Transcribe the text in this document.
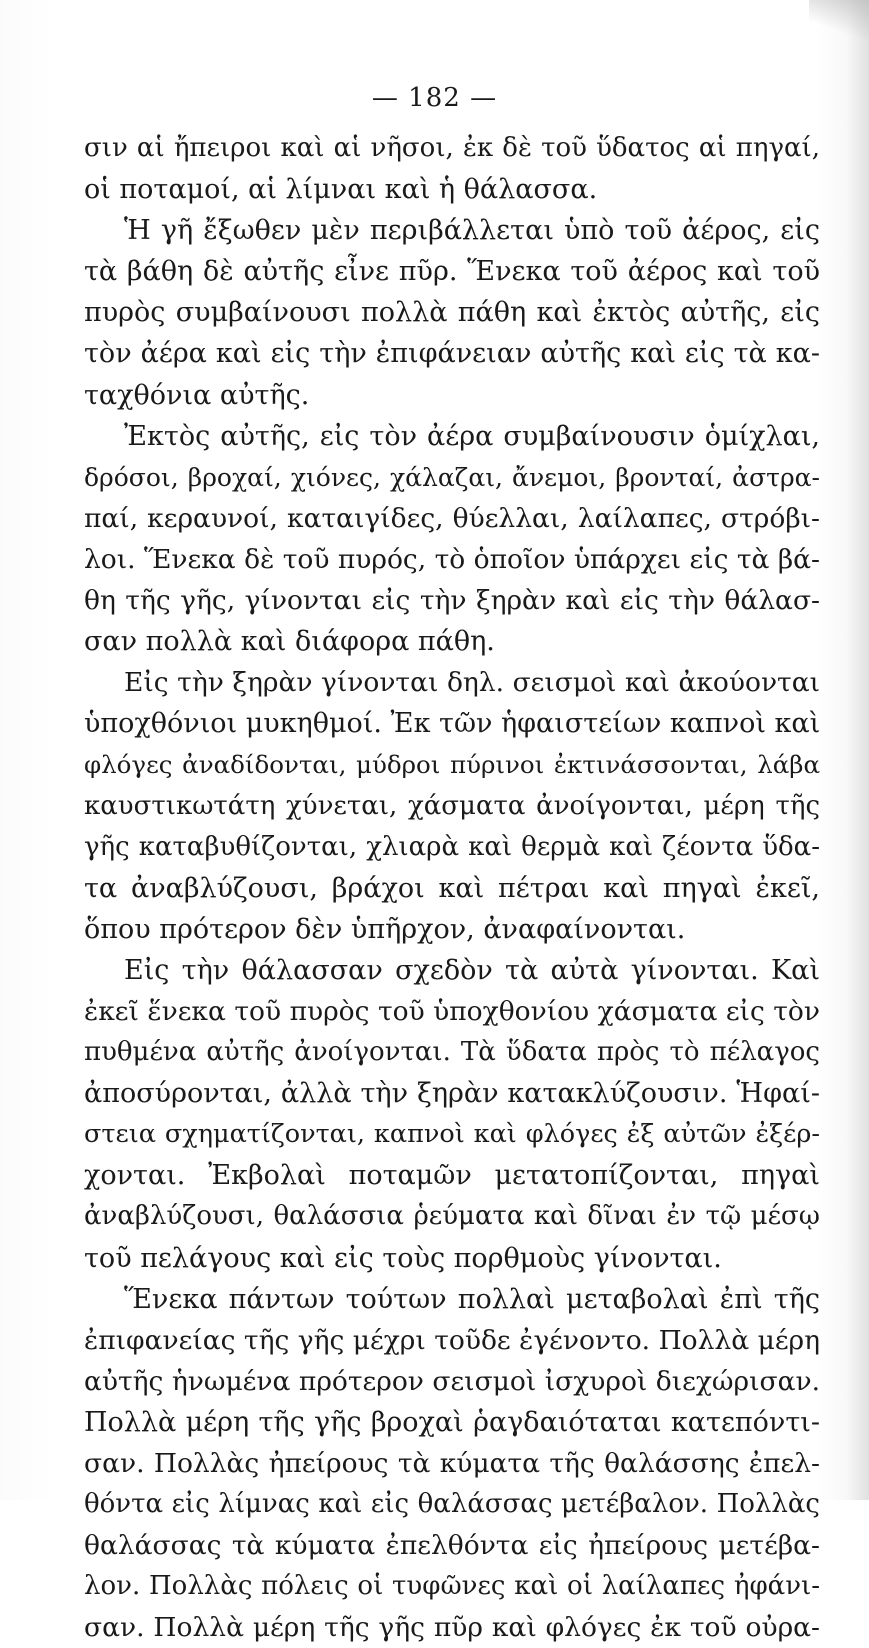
— 182 —
σιν αἱ ἤπειροι καὶ αἱ νῆσοι, ἐκ δὲ τοῦ ὕδατος αἱ πηγαί,
οἱ ποταμοί, αἱ λίμναι καὶ ἡ θάλασσα.
Ἡ γῆ ἔξωθεν μὲν περιβάλλεται ὑπὸ τοῦ ἀέρος, εἰς
τὰ βάθη δὲ αὐτῆς εἶνε πῦρ. Ἕνεκα τοῦ ἀέρος καὶ τοῦ
πυρὸς συμβαίνουσι πολλὰ πάθη καὶ ἐκτὸς αὐτῆς, εἰς
τὸν ἀέρα καὶ εἰς τὴν ἐπιφάνειαν αὐτῆς καὶ εἰς τὰ κα-
ταχθόνια αὐτῆς.
Ἐκτὸς αὐτῆς, εἰς τὸν ἀέρα συμβαίνουσιν ὁμίχλαι,
δρόσοι, βροχαί, χιόνες, χάλαζαι, ἄνεμοι, βρονταί, ἀστρα-
παί, κεραυνοί, καταιγίδες, θύελλαι, λαίλαπες, στρόβι-
λοι. Ἕνεκα δὲ τοῦ πυρός, τὸ ὁποῖον ὑπάρχει εἰς τὰ βά-
θη τῆς γῆς, γίνονται εἰς τὴν ξηρὰν καὶ εἰς τὴν θάλασ-
σαν πολλὰ καὶ διάφορα πάθη.
Εἰς τὴν ξηρὰν γίνονται δηλ. σεισμοὶ καὶ ἀκούονται
ὑποχθόνιοι μυκηθμοί. Ἐκ τῶν ἡφαιστείων καπνοὶ καὶ
φλόγες ἀναδίδονται, μύδροι πύρινοι ἐκτινάσσονται, λάβα
καυστικωτάτη χύνεται, χάσματα ἀνοίγονται, μέρη τῆς
γῆς καταβυθίζονται, χλιαρὰ καὶ θερμὰ καὶ ζέοντα ὕδα-
τα ἀναβλύζουσι, βράχοι καὶ πέτραι καὶ πηγαὶ ἐκεῖ,
ὅπου πρότερον δὲν ὑπῆρχον, ἀναφαίνονται.
Εἰς τὴν θάλασσαν σχεδὸν τὰ αὐτὰ γίνονται. Καὶ
ἐκεῖ ἕνεκα τοῦ πυρὸς τοῦ ὑποχθονίου χάσματα εἰς τὸν
πυθμένα αὐτῆς ἀνοίγονται. Τὰ ὕδατα πρὸς τὸ πέλαγος
ἀποσύρονται, ἀλλὰ τὴν ξηρὰν κατακλύζουσιν. Ἡφαί-
στεια σχηματίζονται, καπνοὶ καὶ φλόγες ἐξ αὐτῶν ἐξέρ-
χονται. Ἐκβολαὶ ποταμῶν μετατοπίζονται, πηγαὶ
ἀναβλύζουσι, θαλάσσια ῥεύματα καὶ δῖναι ἐν τῷ μέσῳ
τοῦ πελάγους καὶ εἰς τοὺς πορθμοὺς γίνονται.
Ἕνεκα πάντων τούτων πολλαὶ μεταβολαὶ ἐπὶ τῆς
ἐπιφανείας τῆς γῆς μέχρι τοῦδε ἐγένοντο. Πολλὰ μέρη
αὐτῆς ἡνωμένα πρότερον σεισμοὶ ἰσχυροὶ διεχώρισαν.
Πολλὰ μέρη τῆς γῆς βροχαὶ ῥαγδαιόταται κατεπόντι-
σαν. Πολλὰς ἠπείρους τὰ κύματα τῆς θαλάσσης ἐπελ-
θόντα εἰς λίμνας καὶ εἰς θαλάσσας μετέβαλον. Πολλὰς
θαλάσσας τὰ κύματα ἐπελθόντα εἰς ἠπείρους μετέβα-
λον. Πολλὰς πόλεις οἱ τυφῶνες καὶ οἱ λαίλαπες ἠφάνι-
σαν. Πολλὰ μέρη τῆς γῆς πῦρ καὶ φλόγες ἐκ τοῦ οὐρα-
